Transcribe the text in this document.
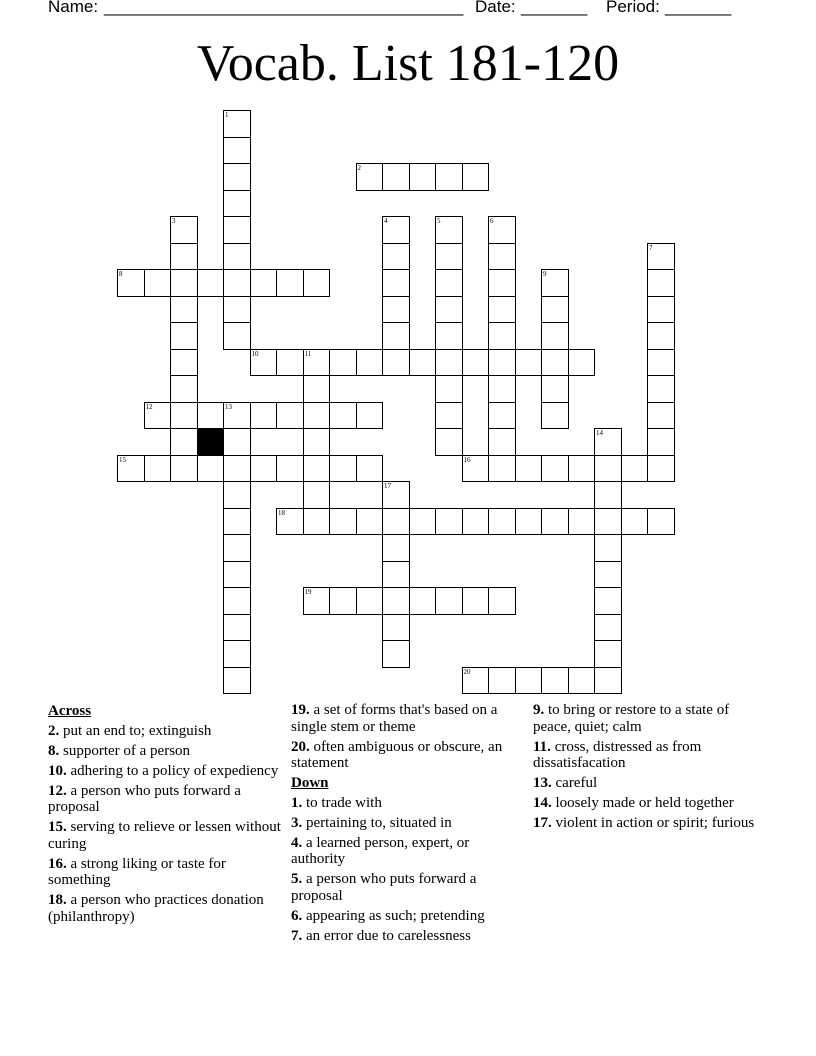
Name: ______________________________________ Date: _______ Period: _______
Vocab. List 181-120
1
2
3	4	5	6
7
8	9
10	11
12	13
14
15	16
17
18
19
20
Across
2. put an end to; extinguish
8. supporter of a person
10. adhering to a policy of expediency
12. a person who puts forward a proposal
15. serving to relieve or lessen without curing
16. a strong liking or taste for something
18. a person who practices donation (philanthropy)
19. a set of forms that's based on a single stem or theme
20. often ambiguous or obscure, an statement
Down
1. to trade with
3. pertaining to, situated in
4. a learned person, expert, or authority
5. a person who puts forward a proposal
6. appearing as such; pretending
7. an error due to carelessness
9. to bring or restore to a state of peace, quiet; calm
11. cross, distressed as from dissatisfacation
13. careful
14. loosely made or held together
17. violent in action or spirit; furious
